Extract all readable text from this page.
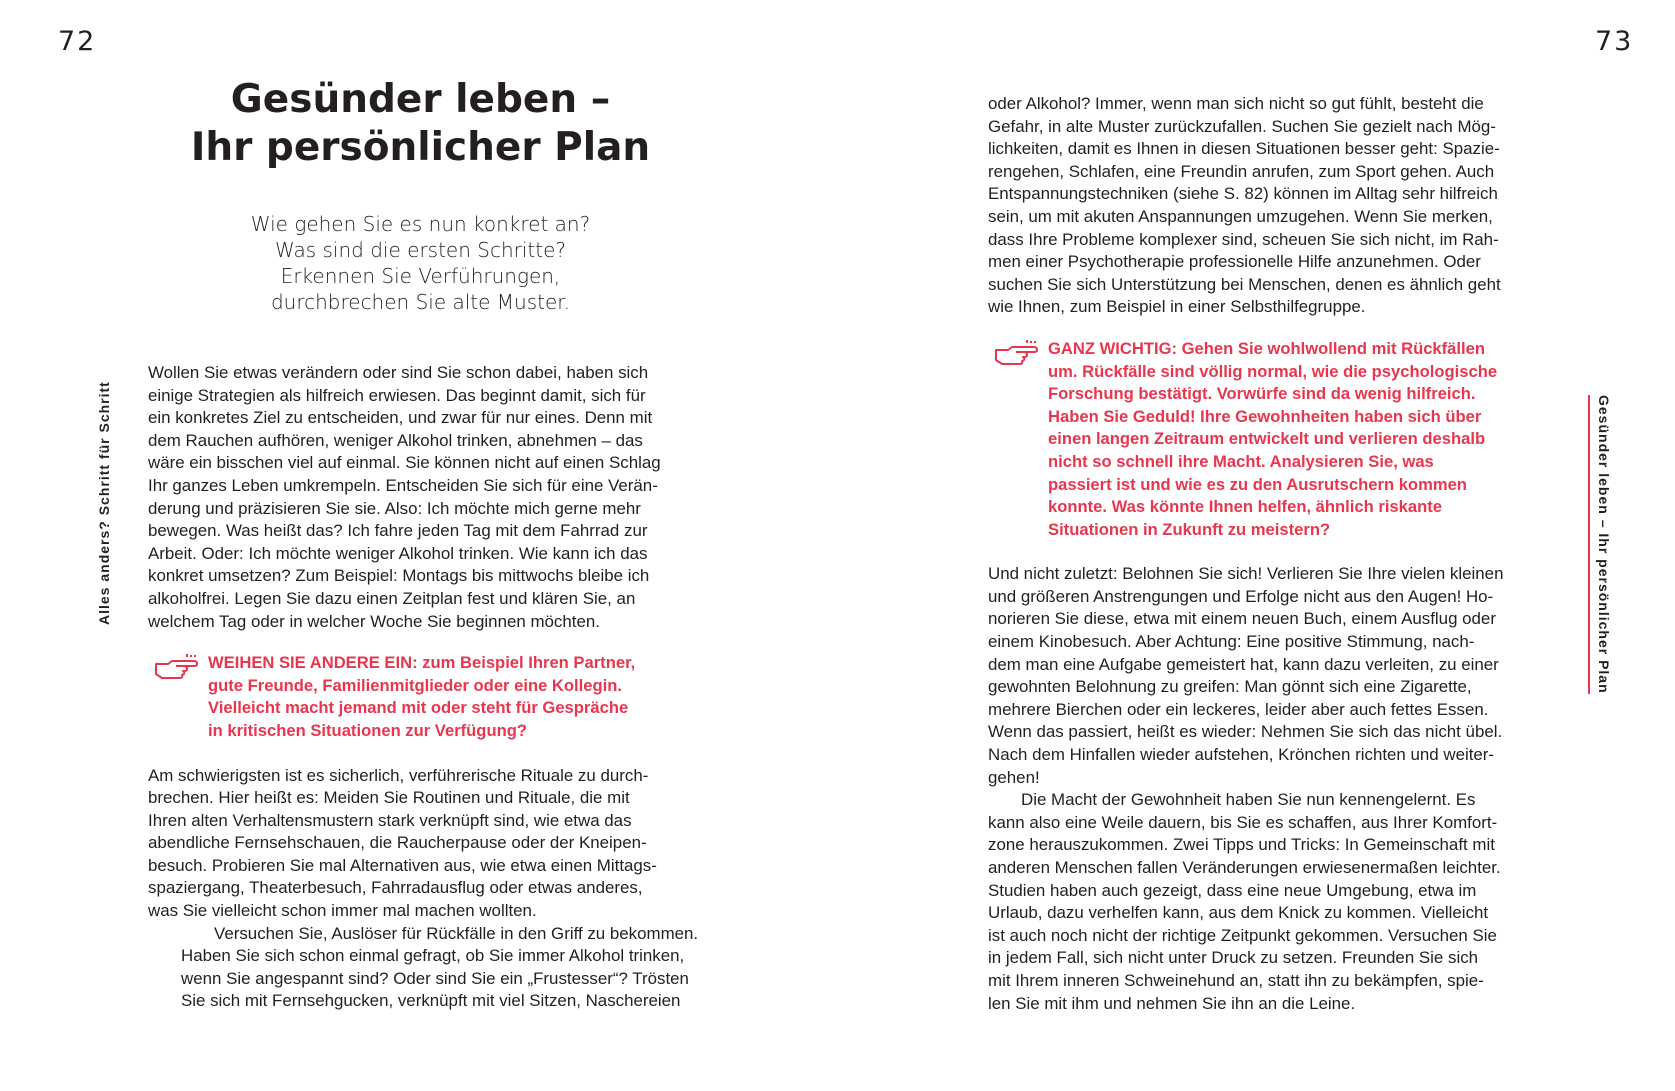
72	73
Alles anders? Schritt für Schritt	Gesünder leben – Ihr persönlicher Plan
Gesünder leben –
Ihr persönlicher Plan
Wie gehen Sie es nun konkret an?
Was sind die ersten Schritte?
Erkennen Sie Verführungen,
durchbrechen Sie alte Muster.

Wollen Sie etwas verändern oder sind Sie schon dabei, haben sich
einige Strategien als hilfreich erwiesen. Das beginnt damit, sich für
ein konkretes Ziel zu entscheiden, und zwar für nur eines. Denn mit
dem Rauchen aufhören, weniger Alkohol trinken, abnehmen – das
wäre ein bisschen viel auf einmal. Sie können nicht auf einen Schlag
Ihr ganzes Leben umkrempeln. Entscheiden Sie sich für eine Verän-
derung und präzisieren Sie sie. Also: Ich möchte mich gerne mehr
bewegen. Was heißt das? Ich fahre jeden Tag mit dem Fahrrad zur
Arbeit. Oder: Ich möchte weniger Alkohol trinken. Wie kann ich das
konkret umsetzen? Zum Beispiel: Montags bis mittwochs bleibe ich
alkoholfrei. Legen Sie dazu einen Zeitplan fest und klären Sie, an
welchem Tag oder in welcher Woche Sie beginnen möchten.

WEIHEN SIE ANDERE EIN: zum Beispiel Ihren Partner,
gute Freunde, Familienmitglieder oder eine Kollegin.
Vielleicht macht jemand mit oder steht für Gespräche
in kritischen Situationen zur Verfügung?

Am schwierigsten ist es sicherlich, verführerische Rituale zu durch-
brechen. Hier heißt es: Meiden Sie Routinen und Rituale, die mit
Ihren alten Verhaltensmustern stark verknüpft sind, wie etwa das
abendliche Fernsehschauen, die Raucherpause oder der Kneipen-
besuch. Probieren Sie mal Alternativen aus, wie etwa einen Mittags-
spaziergang, Theaterbesuch, Fahrradausflug oder etwas anderes,
was Sie vielleicht schon immer mal machen wollten.

Versuchen Sie, Auslöser für Rückfälle in den Griff zu bekommen.
Haben Sie sich schon einmal gefragt, ob Sie immer Alkohol trinken,
wenn Sie angespannt sind? Oder sind Sie ein „Frustesser“? Trösten
Sie sich mit Fernsehgucken, verknüpft mit viel Sitzen, Naschereien

oder Alkohol? Immer, wenn man sich nicht so gut fühlt, besteht die
Gefahr, in alte Muster zurückzufallen. Suchen Sie gezielt nach Mög-
lichkeiten, damit es Ihnen in diesen Situationen besser geht: Spazie-
rengehen, Schlafen, eine Freundin anrufen, zum Sport gehen. Auch
Entspannungstechniken (siehe S. 82) können im Alltag sehr hilfreich
sein, um mit akuten Anspannungen umzugehen. Wenn Sie merken,
dass Ihre Probleme komplexer sind, scheuen Sie sich nicht, im Rah-
men einer Psychotherapie professionelle Hilfe anzunehmen. Oder
suchen Sie sich Unterstützung bei Menschen, denen es ähnlich geht
wie Ihnen, zum Beispiel in einer Selbsthilfegruppe.

GANZ WICHTIG: Gehen Sie wohlwollend mit Rückfällen
um. Rückfälle sind völlig normal, wie die psychologische
Forschung bestätigt. Vorwürfe sind da wenig hilfreich.
Haben Sie Geduld! Ihre Gewohnheiten haben sich über
einen langen Zeitraum entwickelt und verlieren deshalb
nicht so schnell ihre Macht. Analysieren Sie, was
passiert ist und wie es zu den Ausrutschern kommen
konnte. Was könnte Ihnen helfen, ähnlich riskante
Situationen in Zukunft zu meistern?

Und nicht zuletzt: Belohnen Sie sich! Verlieren Sie Ihre vielen kleinen
und größeren Anstrengungen und Erfolge nicht aus den Augen! Ho-
norieren Sie diese, etwa mit einem neuen Buch, einem Ausflug oder
einem Kinobesuch. Aber Achtung: Eine positive Stimmung, nach-
dem man eine Aufgabe gemeistert hat, kann dazu verleiten, zu einer
gewohnten Belohnung zu greifen: Man gönnt sich eine Zigarette,
mehrere Bierchen oder ein leckeres, leider aber auch fettes Essen.
Wenn das passiert, heißt es wieder: Nehmen Sie sich das nicht übel.
Nach dem Hinfallen wieder aufstehen, Krönchen richten und weiter-
gehen!

Die Macht der Gewohnheit haben Sie nun kennengelernt. Es
kann also eine Weile dauern, bis Sie es schaffen, aus Ihrer Komfort-
zone herauszukommen. Zwei Tipps und Tricks: In Gemeinschaft mit
anderen Menschen fallen Veränderungen erwiesenermaßen leichter.
Studien haben auch gezeigt, dass eine neue Umgebung, etwa im
Urlaub, dazu verhelfen kann, aus dem Knick zu kommen. Vielleicht
ist auch noch nicht der richtige Zeitpunkt gekommen. Versuchen Sie
in jedem Fall, sich nicht unter Druck zu setzen. Freunden Sie sich
mit Ihrem inneren Schweinehund an, statt ihn zu bekämpfen, spie-
len Sie mit ihm und nehmen Sie ihn an die Leine.
